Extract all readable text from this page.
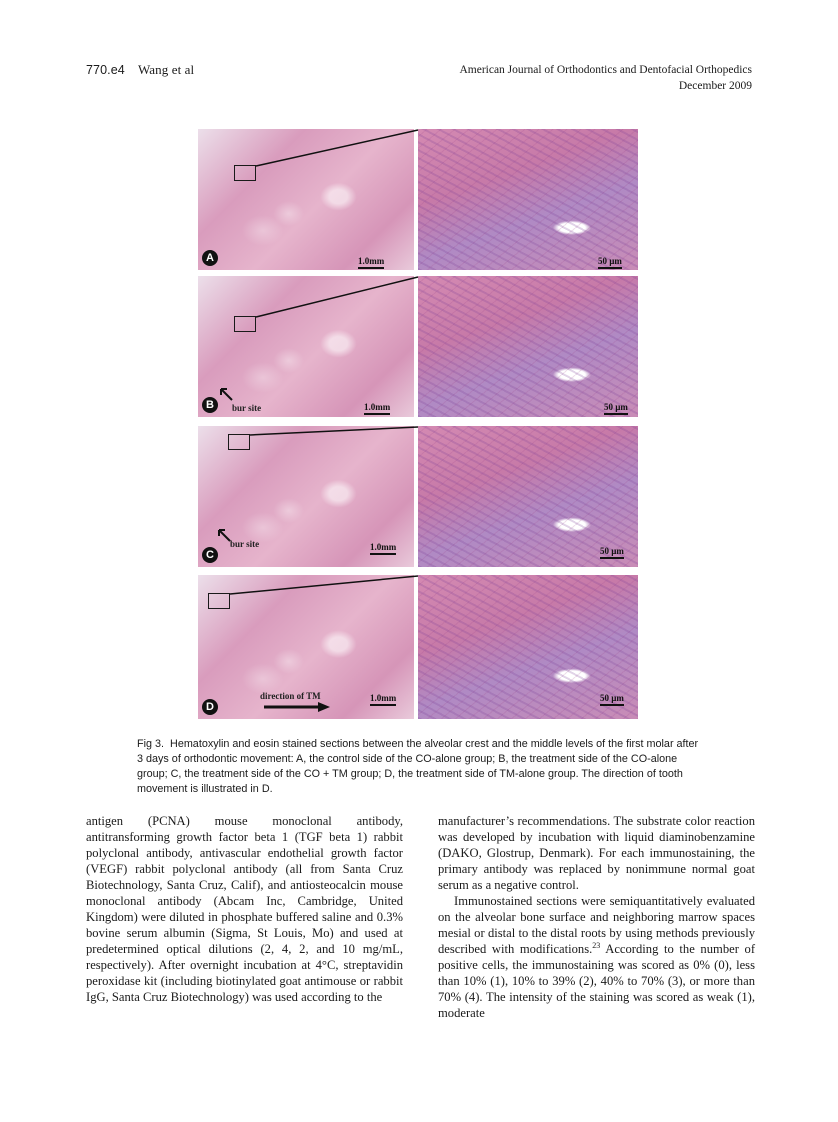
770.e4 Wang et al	American Journal of Orthodontics and Dentofacial Orthopedics
December 2009
1.0mm
A	50 µm
bur site	1.0mm
B	50 µm
bur site	1.0mm
C	50 µm
direction of TM	1.0mm
D
50 µm
Fig 3. Hematoxylin and eosin stained sections between the alveolar crest and the middle levels of the first molar after 3 days of orthodontic movement: A, the control side of the CO-alone group; B, the treatment side of the CO-alone group; C, the treatment side of the CO + TM group; D, the treatment side of TM-alone group. The direction of tooth movement is illustrated in D.

antigen (PCNA) mouse monoclonal antibody, antitransforming growth factor beta 1 (TGF beta 1) rabbit polyclonal antibody, antivascular endothelial growth factor (VEGF) rabbit polyclonal antibody (all from Santa Cruz Biotechnology, Santa Cruz, Calif), and antiosteocalcin mouse monoclonal antibody (Abcam Inc, Cambridge, United Kingdom) were diluted in phosphate buffered saline and 0.3% bovine serum albumin (Sigma, St Louis, Mo) and used at predetermined optical dilutions (2, 4, 2, and 10 mg/mL, respectively). After overnight incubation at 4°C, streptavidin peroxidase kit (including biotinylated goat antimouse or rabbit IgG, Santa Cruz Biotechnology) was used according to the

manufacturer’s recommendations. The substrate color reaction was developed by incubation with liquid diaminobenzamine (DAKO, Glostrup, Denmark). For each immunostaining, the primary antibody was replaced by nonimmune normal goat serum as a negative control.

Immunostained sections were semiquantitatively evaluated on the alveolar bone surface and neighboring marrow spaces mesial or distal to the distal roots by using methods previously described with modifications.$^{23}$ According to the number of positive cells, the immunostaining was scored as 0% (0), less than 10% (1), 10% to 39% (2), 40% to 70% (3), or more than 70% (4). The intensity of the staining was scored as weak (1), moderate
